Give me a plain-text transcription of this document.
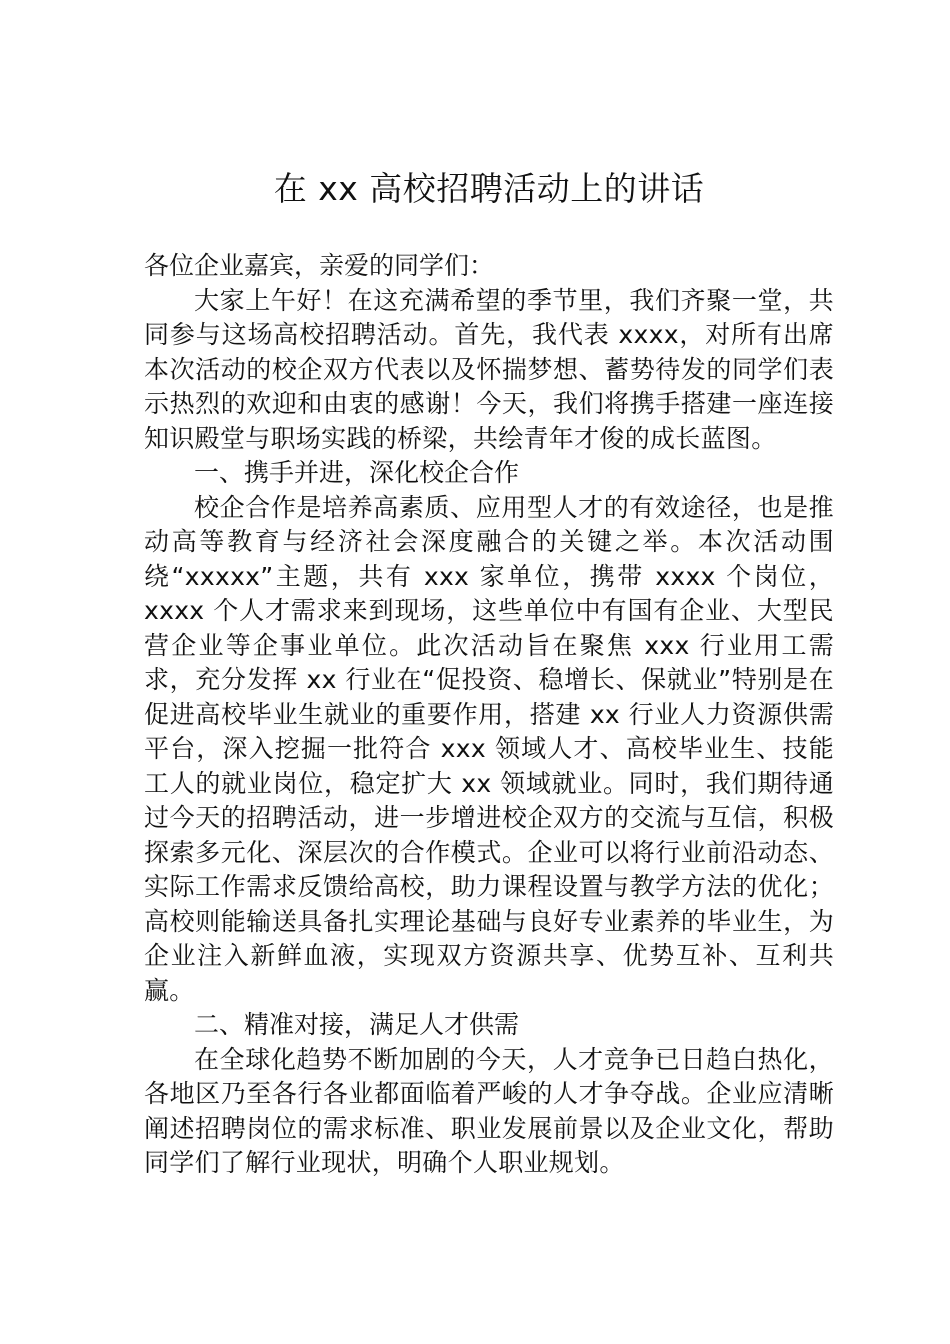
在 xx 高校招聘活动上的讲话

各位企业嘉宾，亲爱的同学们：

大家上午好！在这充满希望的季节里，我们齐聚一堂，共同参与这场高校招聘活动。首先，我代表 xxxx，对所有出席本次活动的校企双方代表以及怀揣梦想、蓄势待发的同学们表示热烈的欢迎和由衷的感谢！今天，我们将携手搭建一座连接知识殿堂与职场实践的桥梁，共绘青年才俊的成长蓝图。

一、携手并进，深化校企合作

校企合作是培养高素质、应用型人才的有效途径，也是推动高等教育与经济社会深度融合的关键之举。本次活动围绕“xxxxx”主题，共有 xxx 家单位，携带 xxxx 个岗位，xxxx 个人才需求来到现场，这些单位中有国有企业、大型民营企业等企事业单位。此次活动旨在聚焦 xxx 行业用工需求，充分发挥 xx 行业在“促投资、稳增长、保就业”特别是在促进高校毕业生就业的重要作用，搭建 xx 行业人力资源供需平台，深入挖掘一批符合 xxx 领域人才、高校毕业生、技能工人的就业岗位，稳定扩大 xx 领域就业。同时，我们期待通过今天的招聘活动，进一步增进校企双方的交流与互信，积极探索多元化、深层次的合作模式。企业可以将行业前沿动态、实际工作需求反馈给高校，助力课程设置与教学方法的优化；高校则能输送具备扎实理论基础与良好专业素养的毕业生，为企业注入新鲜血液，实现双方资源共享、优势互补、互利共赢。

二、精准对接，满足人才供需

在全球化趋势不断加剧的今天，人才竞争已日趋白热化，各地区乃至各行各业都面临着严峻的人才争夺战。企业应清晰阐述招聘岗位的需求标准、职业发展前景以及企业文化，帮助同学们了解行业现状，明确个人职业规划。
